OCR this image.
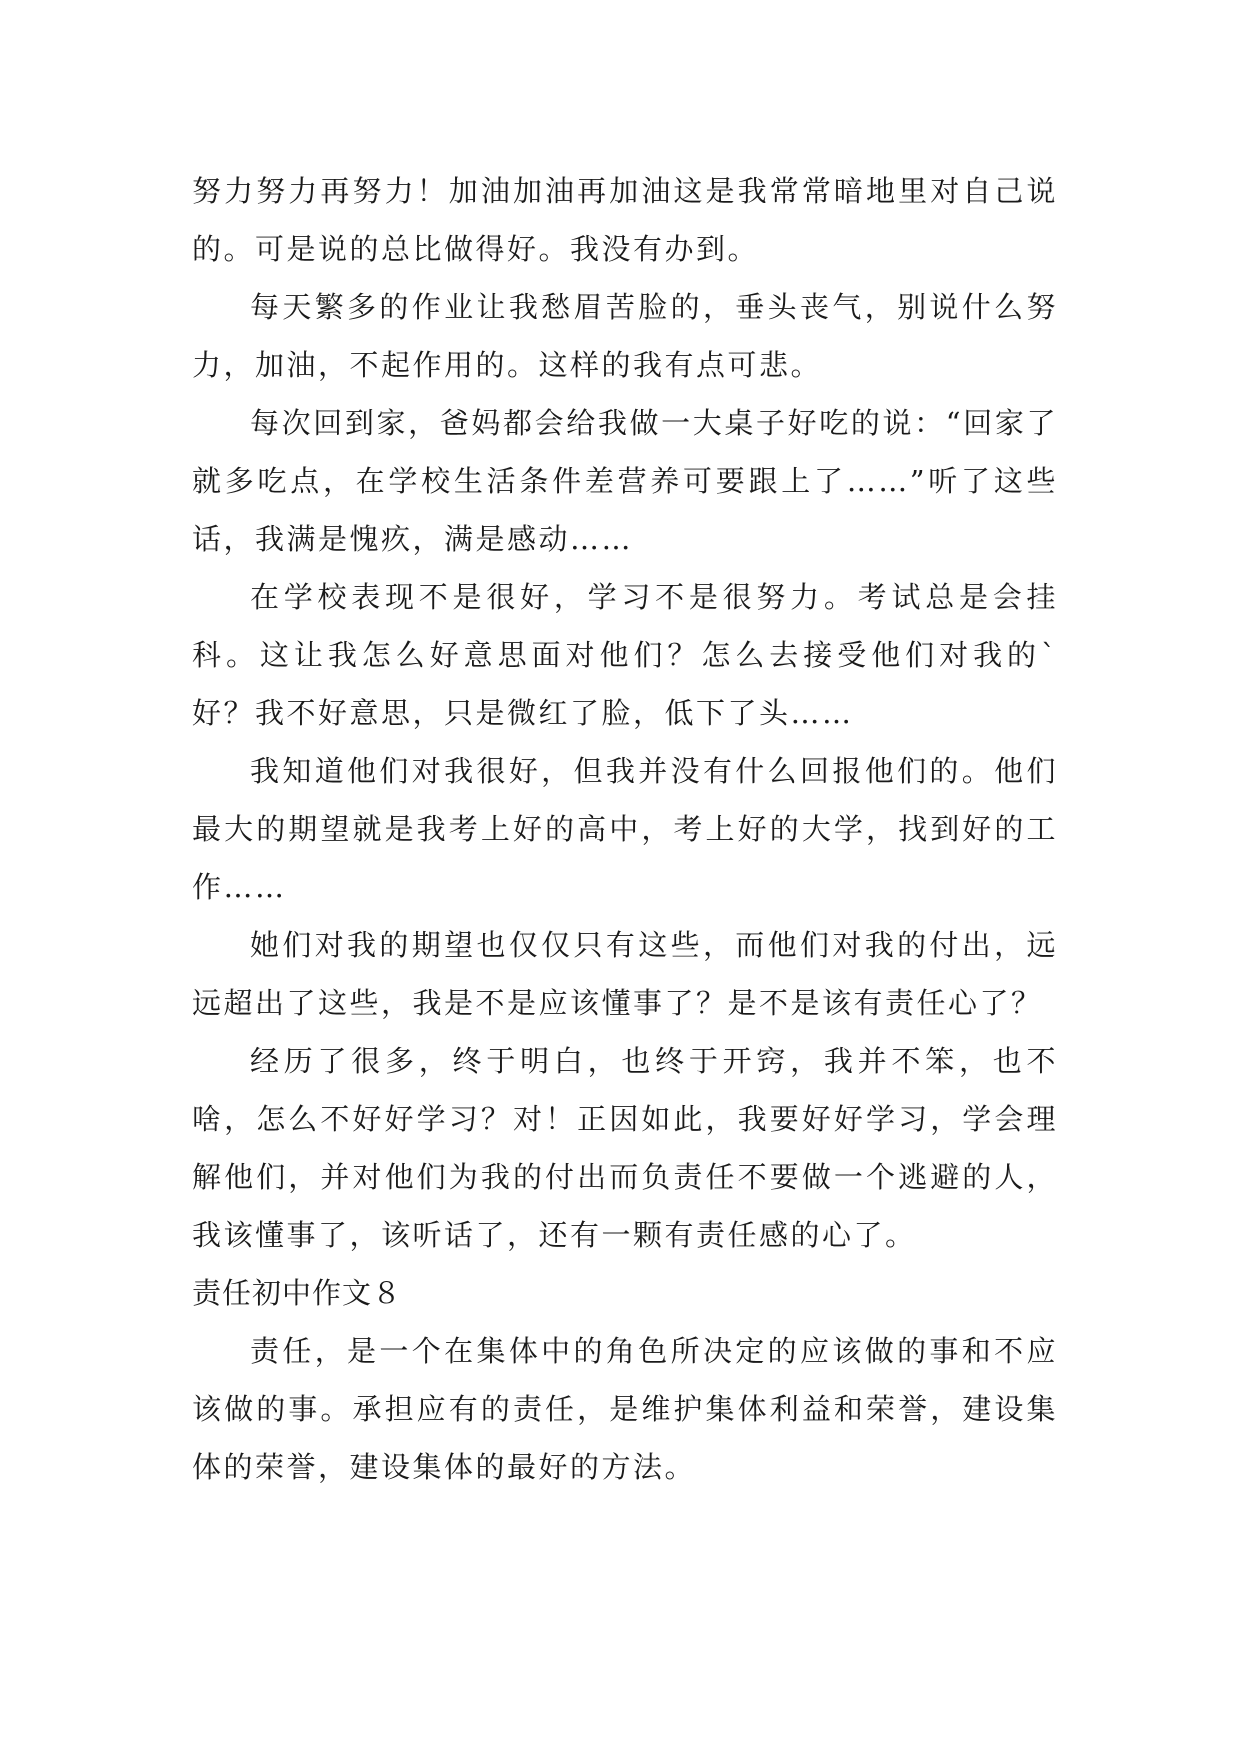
努力努力再努力！加油加油再加油这是我常常暗地里对自己说的。可是说的总比做得好。我没有办到。

每天繁多的作业让我愁眉苦脸的，垂头丧气，别说什么努力，加油，不起作用的。这样的我有点可悲。

每次回到家，爸妈都会给我做一大桌子好吃的说：“回家了就多吃点，在学校生活条件差营养可要跟上了……”听了这些话，我满是愧疚，满是感动……

在学校表现不是很好，学习不是很努力。考试总是会挂科。这让我怎么好意思面对他们？怎么去接受他们对我的`好？我不好意思，只是微红了脸，低下了头……

我知道他们对我很好，但我并没有什么回报他们的。他们最大的期望就是我考上好的高中，考上好的大学，找到好的工作……

她们对我的期望也仅仅只有这些，而他们对我的付出，远远超出了这些，我是不是应该懂事了？是不是该有责任心了？

经历了很多，终于明白，也终于开窍，我并不笨，也不啥，怎么不好好学习？对！正因如此，我要好好学习，学会理解他们，并对他们为我的付出而负责任不要做一个逃避的人，我该懂事了，该听话了，还有一颗有责任感的心了。

责任初中作文８

责任，是一个在集体中的角色所决定的应该做的事和不应该做的事。承担应有的责任，是维护集体利益和荣誉，建设集体的荣誉，建设集体的最好的方法。
